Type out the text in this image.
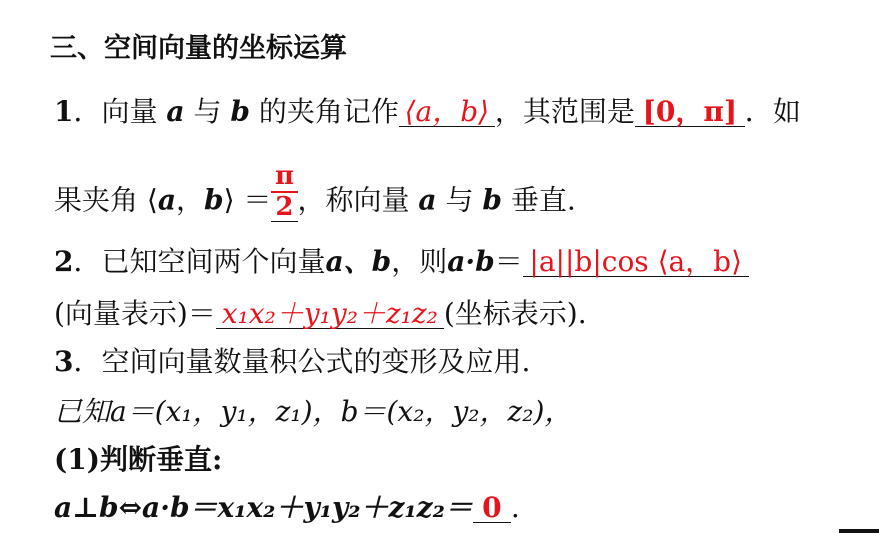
三、空间向量的坐标运算
1．向量 a 与 b 的夹角记作 ⟨a，b⟩ ，其范围是 [0，π] ．如
果夹角 ⟨a，b⟩ ＝ $\frac{\pi}{2}$ ，称向量 a 与 b 垂直.
2．已知空间两个向量a、b，则a·b＝ |a||b|cos ⟨a，b⟩
(向量表示)＝ x₁x₂＋y₁y₂＋z₁z₂ (坐标表示).
3．空间向量数量积公式的变形及应用.
已知a＝(x₁，y₁，z₁)，b＝(x₂，y₂，z₂)，
(1)判断垂直:
a⊥b⇔a·b＝x₁x₂＋y₁y₂＋z₁z₂＝ 0 .
